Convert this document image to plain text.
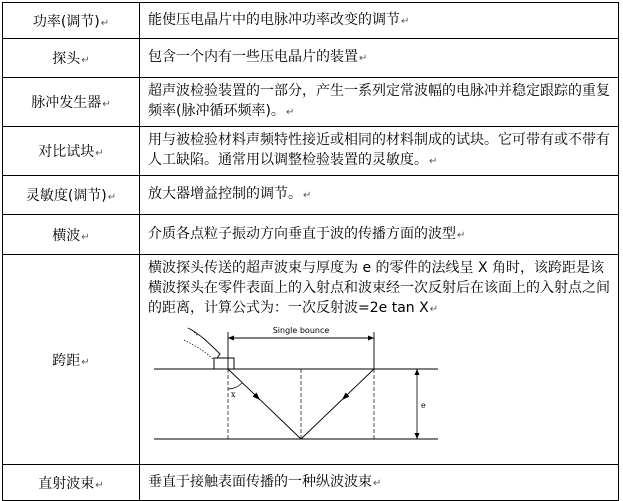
功率(调节)↵	能使压电晶片中的电脉冲功率改变的调节↵
探头↵	包含一个内有一些压电晶片的装置↵
脉冲发生器↵	超声波检验装置的一部分，产生一系列定常波幅的电脉冲并稳定跟踪的重复频率(脉冲循环频率)。↵
对比试块↵	用与被检验材料声频特性接近或相同的材料制成的试块。它可带有或不带有人工缺陷。通常用以调整检验装置的灵敏度。↵
灵敏度(调节)↵	放大器增益控制的调节。↵
横波↵	介质各点粒子振动方向垂直于波的传播方面的波型↵
跨距↵	横波探头传送的超声波束与厚度为 e 的零件的法线呈 X 角时，该跨距是该横波探头在零件表面上的入射点和波束经一次反射后在该面上的入射点之间的距离，计算公式为：一次反射波=2e tan X↵
Single bounce
x
e

直射波束↵	垂直于接触表面传播的一种纵波波束↵
